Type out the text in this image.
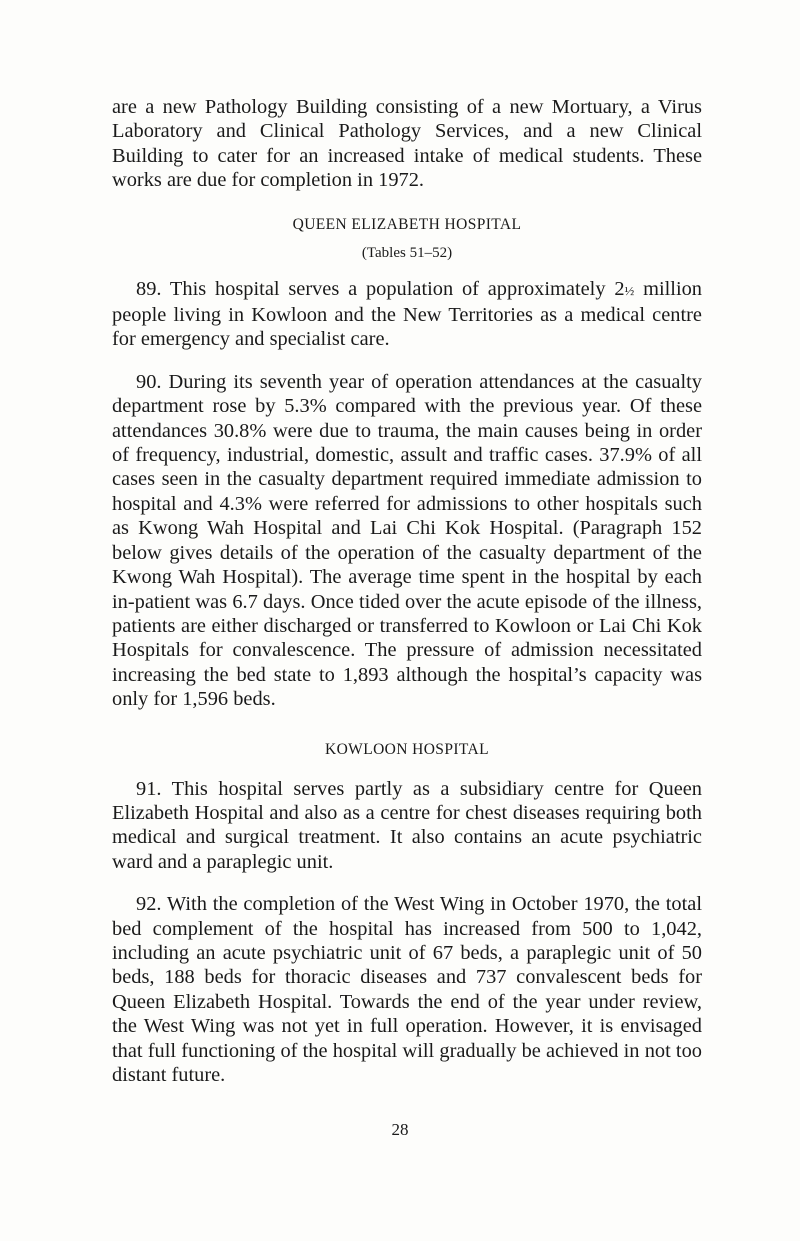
are a new Pathology Building consisting of a new Mortuary, a Virus Laboratory and Clinical Pathology Services, and a new Clinical Building to cater for an increased intake of medical students. These works are due for completion in 1972.

QUEEN ELIZABETH HOSPITAL
(Tables 51–52)

89. This hospital serves a population of approximately 2½ million people living in Kowloon and the New Territories as a medical centre for emergency and specialist care.

90. During its seventh year of operation attendances at the casualty department rose by 5.3% compared with the previous year. Of these attendances 30.8% were due to trauma, the main causes being in order of frequency, industrial, domestic, assult and traffic cases. 37.9% of all cases seen in the casualty department required immediate admission to hospital and 4.3% were referred for admissions to other hospitals such as Kwong Wah Hospital and Lai Chi Kok Hospital. (Paragraph 152 below gives details of the operation of the casualty department of the Kwong Wah Hospital). The average time spent in the hospital by each in-patient was 6.7 days. Once tided over the acute episode of the illness, patients are either discharged or transferred to Kowloon or Lai Chi Kok Hospitals for convalescence. The pressure of admission necessitated increasing the bed state to 1,893 although the hospital’s capacity was only for 1,596 beds.

KOWLOON HOSPITAL

91. This hospital serves partly as a subsidiary centre for Queen Elizabeth Hospital and also as a centre for chest diseases requiring both medical and surgical treatment. It also contains an acute psychiatric ward and a paraplegic unit.

92. With the completion of the West Wing in October 1970, the total bed complement of the hospital has increased from 500 to 1,042, including an acute psychiatric unit of 67 beds, a paraplegic unit of 50 beds, 188 beds for thoracic diseases and 737 convalescent beds for Queen Elizabeth Hospital. Towards the end of the year under review, the West Wing was not yet in full operation. However, it is envisaged that full functioning of the hospital will gradually be achieved in not too distant future.

28
